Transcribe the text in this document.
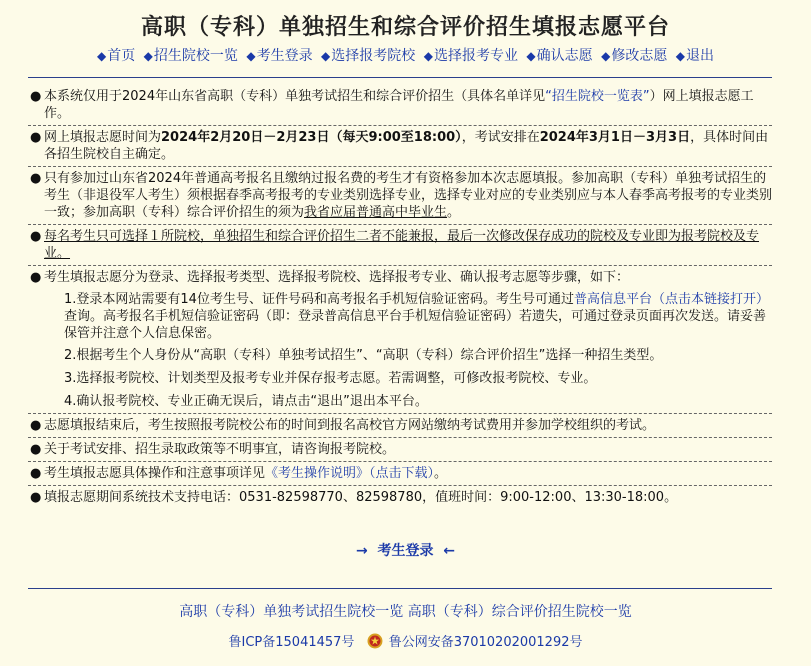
高职（专科）单独招生和综合评价招生填报志愿平台
◆首页 ◆招生院校一览 ◆考生登录 ◆选择报考院校 ◆选择报考专业 ◆确认志愿 ◆修改志愿 ◆退出

● 本系统仅用于2024年山东省高职（专科）单独考试招生和综合评价招生（具体名单详见“招生院校一览表”）网上填报志愿工作。

● 网上填报志愿时间为2024年2月20日－2月23日（每天9:00至18:00），考试安排在2024年3月1日－3月3日，具体时间由各招生院校自主确定。

● 只有参加过山东省2024年普通高考报名且缴纳过报名费的考生才有资格参加本次志愿填报。参加高职（专科）单独考试招生的考生（非退役军人考生）须根据春季高考报考的专业类别选择专业，选择专业对应的专业类别应与本人春季高考报考的专业类别一致；参加高职（专科）综合评价招生的须为我省应届普通高中毕业生。

● 每名考生只可选择１所院校，单独招生和综合评价招生二者不能兼报，最后一次修改保存成功的院校及专业即为报考院校及专业。

● 考生填报志愿分为登录、选择报考类型、选择报考院校、选择报考专业、确认报考志愿等步骤，如下：

1.登录本网站需要有14位考生号、证件号码和高考报名手机短信验证密码。考生号可通过普高信息平台（点击本链接打开）查询。高考报名手机短信验证密码（即：登录普高信息平台手机短信验证密码）若遗失，可通过登录页面再次发送。请妥善保管并注意个人信息保密。

2.根据考生个人身份从“高职（专科）单独考试招生”、“高职（专科）综合评价招生”选择一种招生类型。

3.选择报考院校、计划类型及报考专业并保存报考志愿。若需调整，可修改报考院校、专业。

4.确认报考院校、专业正确无误后，请点击“退出”退出本平台。

● 志愿填报结束后，考生按照报考院校公布的时间到报名高校官方网站缴纳考试费用并参加学校组织的考试。

● 关于考试安排、招生录取政策等不明事宜，请咨询报考院校。

● 考生填报志愿具体操作和注意事项详见《考生操作说明》（点击下载）。

● 填报志愿期间系统技术支持电话：0531-82598770、82598780，值班时间：9:00-12:00、13:30-18:00。

→ 考生登录 ←
高职（专科）单独考试招生院校一览 高职（专科）综合评价招生院校一览
鲁ICP备15041457号	鲁公网安备37010202001292号
